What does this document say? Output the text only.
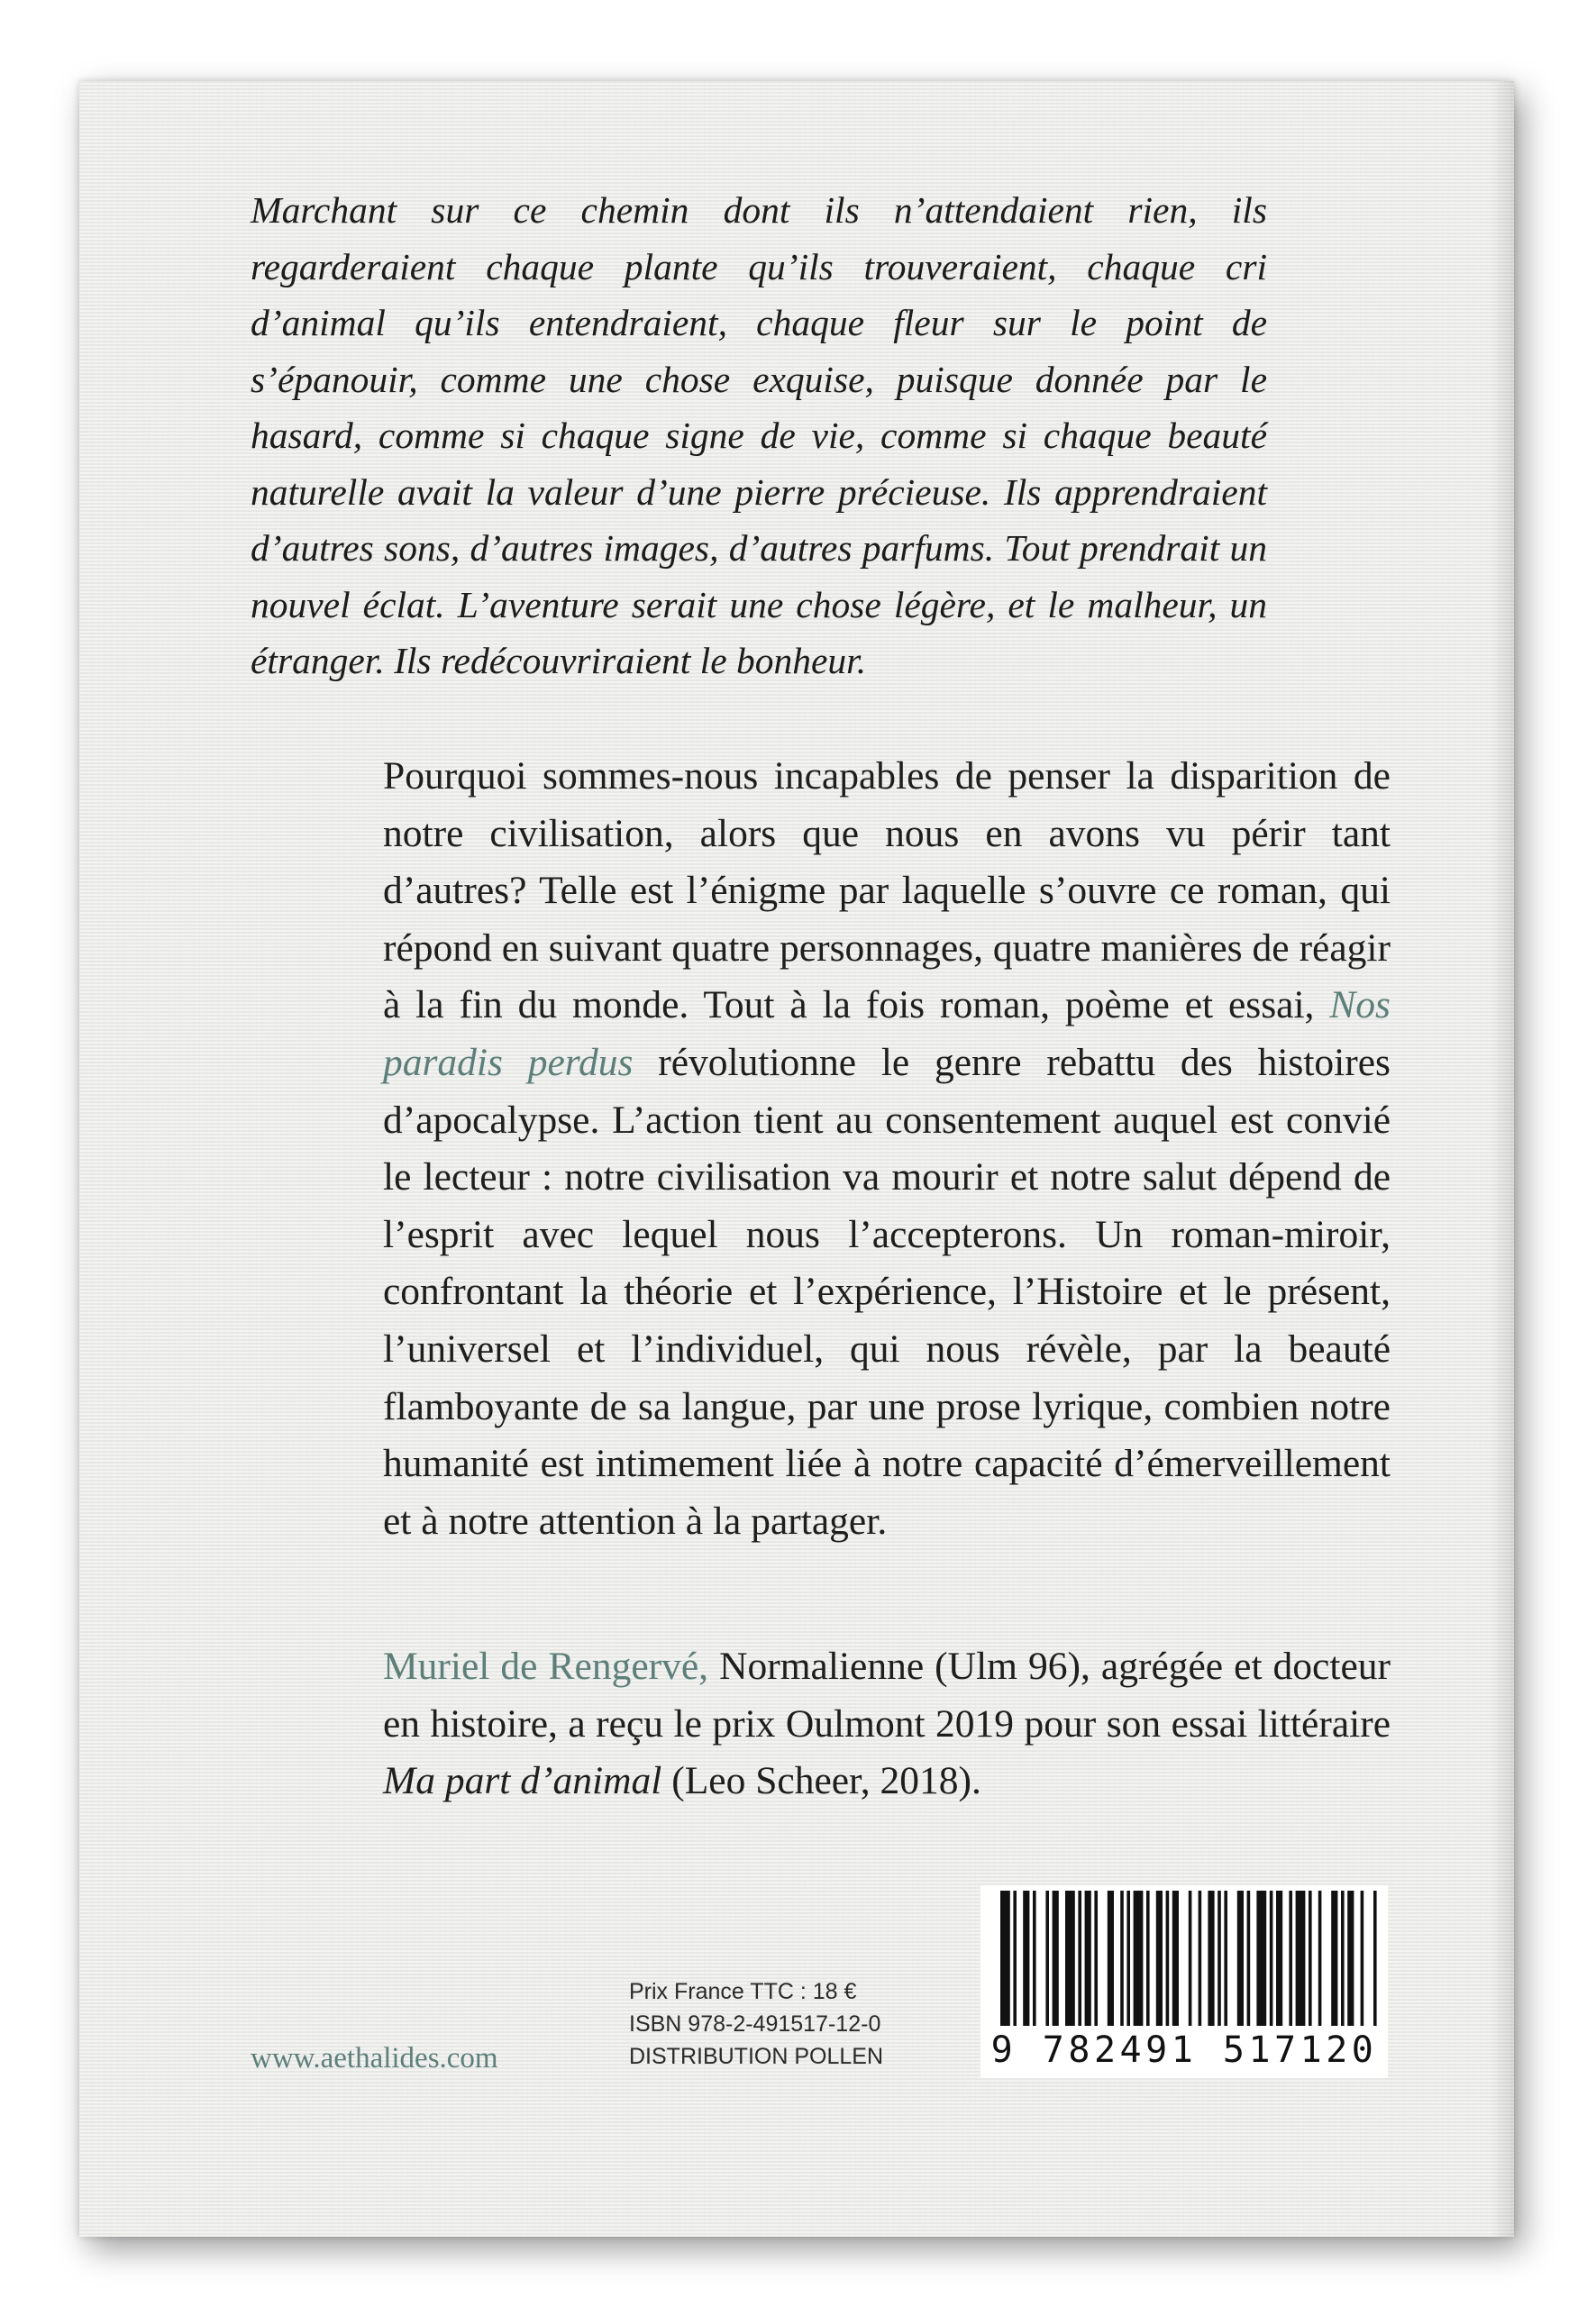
Marchant sur ce chemin dont ils n’attendaient rien, ils regarderaient chaque plante qu’ils trouveraient, chaque cri d’animal qu’ils entendraient, chaque fleur sur le point de s’épanouir, comme une chose exquise, puisque donnée par le hasard, comme si chaque signe de vie, comme si chaque beauté naturelle avait la valeur d’une pierre précieuse. Ils apprendraient d’autres sons, d’autres images, d’autres parfums. Tout prendrait un nouvel éclat. L’aventure serait une chose légère, et le malheur, un étranger. Ils redécouvriraient le bonheur.

Pourquoi sommes-nous incapables de penser la disparition de notre civilisation, alors que nous en avons vu périr tant d’autres? Telle est l’énigme par laquelle s’ouvre ce roman, qui répond en suivant quatre personnages, quatre manières de réagir à la fin du monde. Tout à la fois roman, poème et essai, Nos paradis perdus révolutionne le genre rebattu des histoires d’apocalypse. L’action tient au consentement auquel est convié le lecteur : notre civilisation va mourir et notre salut dépend de l’esprit avec lequel nous l’accepterons. Un roman-miroir, confrontant la théorie et l’expérience, l’Histoire et le présent, l’universel et l’individuel, qui nous révèle, par la beauté flamboyante de sa langue, par une prose lyrique, combien notre humanité est intimement liée à notre capacité d’émerveillement et à notre attention à la partager.

Muriel de Rengervé, Normalienne (Ulm 96), agrégée et docteur en histoire, a reçu le prix Oulmont 2019 pour son essai littéraire Ma part d’animal (Leo Scheer, 2018).

www.aethalides.com
Prix France TTC : 18 €
ISBN 978-2-491517-12-0
DISTRIBUTION POLLEN	9 782491 517120
